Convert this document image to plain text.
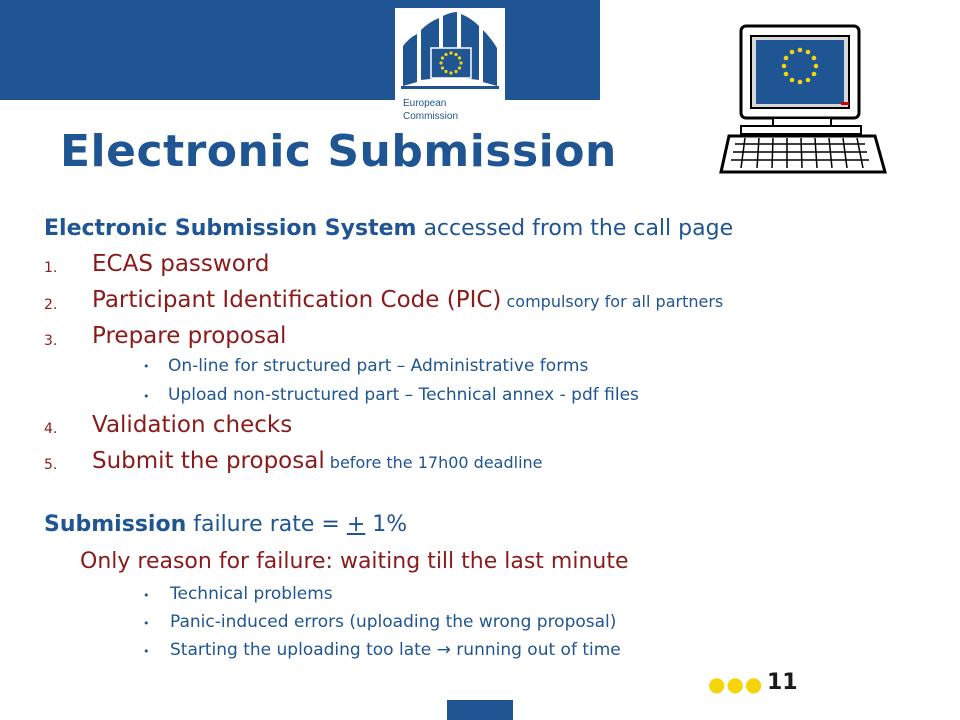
European
Commission
Electronic Submission
Electronic Submission System accessed from the call page
1. ECAS password
2. Participant Identification Code (PIC) compulsory for all partners
3. Prepare proposal
• On-line for structured part – Administrative forms
• Upload non-structured part – Technical annex - pdf files
4. Validation checks
5. Submit the proposal before the 17h00 deadline
Submission failure rate = + 1%
Only reason for failure: waiting till the last minute
• Technical problems
• Panic-induced errors (uploading the wrong proposal)
• Starting the uploading too late → running out of time
●●● 11
